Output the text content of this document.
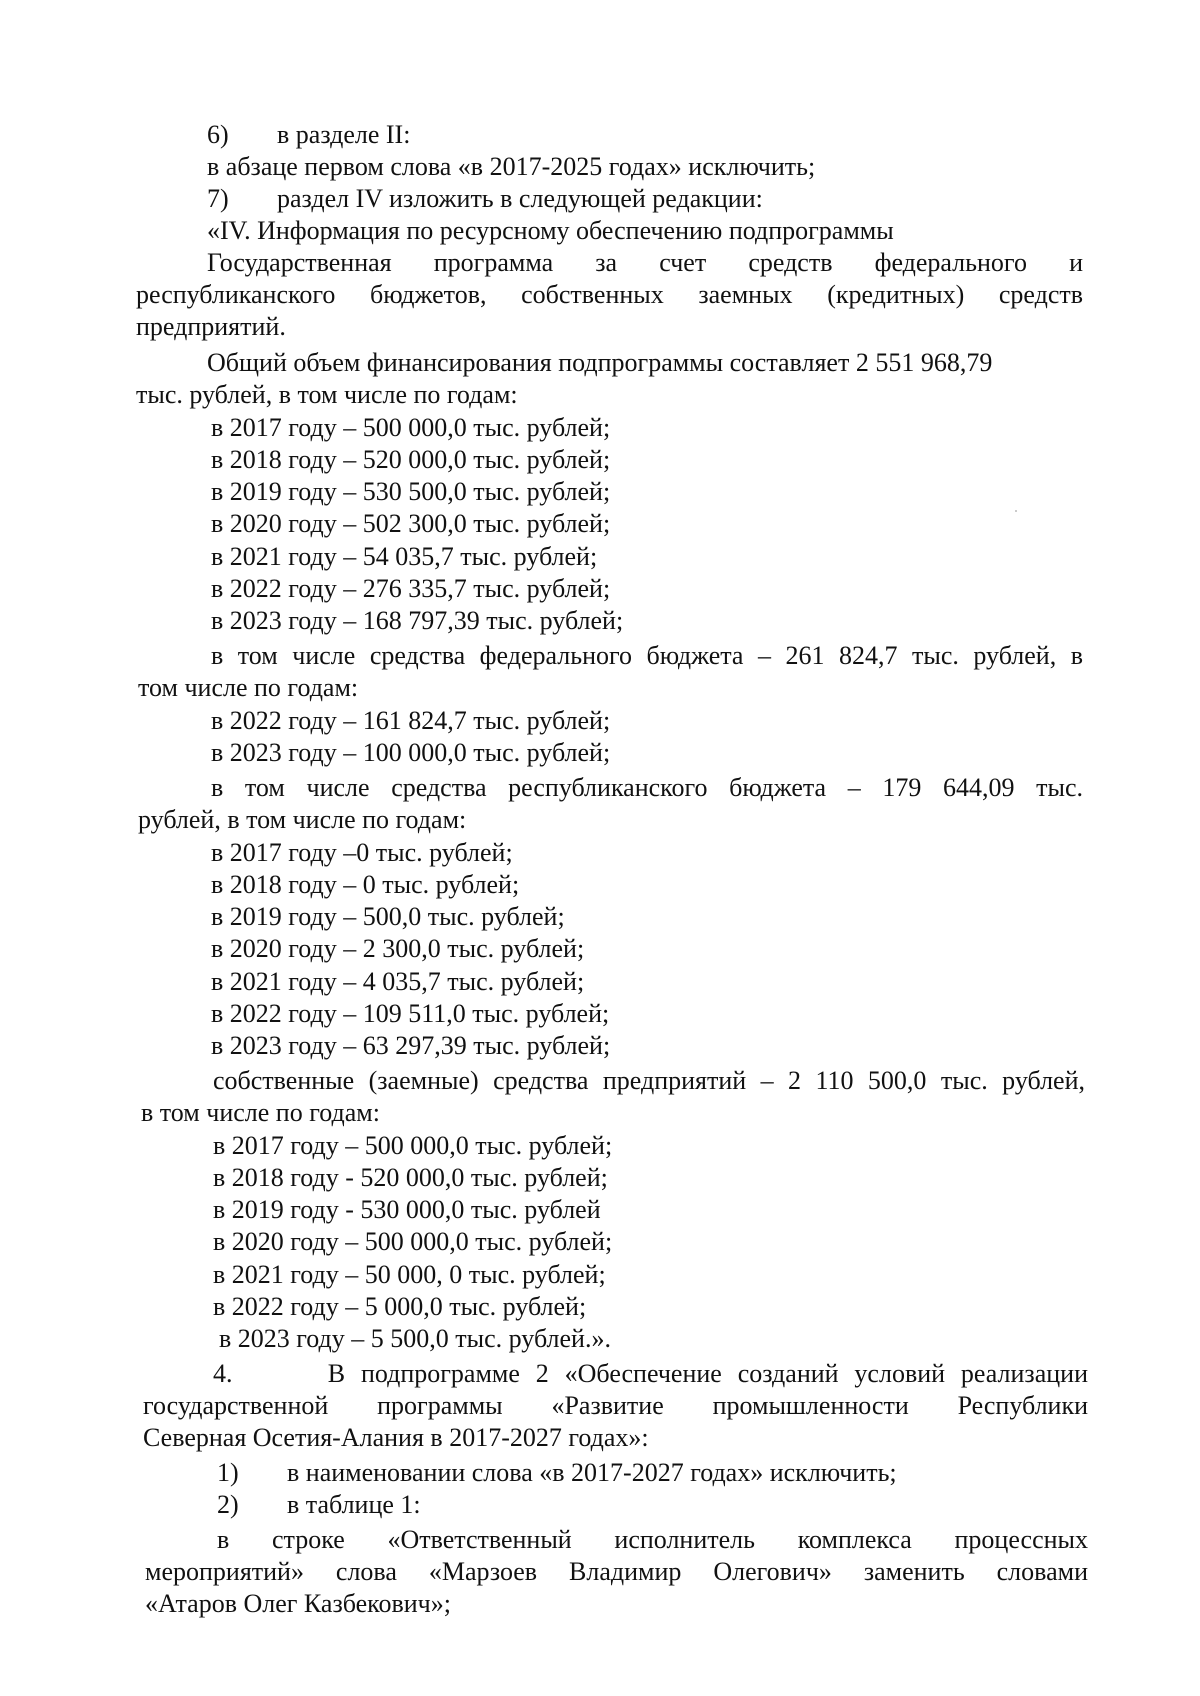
6) в разделе II:
в абзаце первом слова «в 2017-2025 годах» исключить;
7) раздел IV изложить в следующей редакции:
«IV. Информация по ресурсному обеспечению подпрограммы
Государственная программа за счет средств федерального и
республиканского бюджетов, собственных заемных (кредитных) средств
предприятий.
Общий объем финансирования подпрограммы составляет 2 551 968,79
тыс. рублей, в том числе по годам:
в 2017 году – 500 000,0 тыс. рублей;
в 2018 году – 520 000,0 тыс. рублей;
в 2019 году – 530 500,0 тыс. рублей;
в 2020 году – 502 300,0 тыс. рублей;
в 2021 году – 54 035,7 тыс. рублей;
в 2022 году – 276 335,7 тыс. рублей;
в 2023 году – 168 797,39 тыс. рублей;
в том числе средства федерального бюджета – 261 824,7 тыс. рублей, в
том числе по годам:
в 2022 году – 161 824,7 тыс. рублей;
в 2023 году – 100 000,0 тыс. рублей;
в том числе средства республиканского бюджета – 179 644,09 тыс.
рублей, в том числе по годам:
в 2017 году –0 тыс. рублей;
в 2018 году – 0 тыс. рублей;
в 2019 году – 500,0 тыс. рублей;
в 2020 году – 2 300,0 тыс. рублей;
в 2021 году – 4 035,7 тыс. рублей;
в 2022 году – 109 511,0 тыс. рублей;
в 2023 году – 63 297,39 тыс. рублей;
собственные (заемные) средства предприятий – 2 110 500,0 тыс. рублей,
в том числе по годам:
в 2017 году – 500 000,0 тыс. рублей;
в 2018 году - 520 000,0 тыс. рублей;
в 2019 году - 530 000,0 тыс. рублей
в 2020 году – 500 000,0 тыс. рублей;
в 2021 году – 50 000, 0 тыс. рублей;
в 2022 году – 5 000,0 тыс. рублей;
в 2023 году – 5 500,0 тыс. рублей.».
4.	В подпрограмме 2 «Обеспечение созданий условий реализации
государственной программы «Развитие промышленности Республики
Северная Осетия-Алания в 2017-2027 годах»:
1) в наименовании слова «в 2017-2027 годах» исключить;
2) в таблице 1:
в строке «Ответственный исполнитель комплекса процессных
мероприятий» слова «Марзоев Владимир Олегович» заменить словами
«Атаров Олег Казбекович»;
